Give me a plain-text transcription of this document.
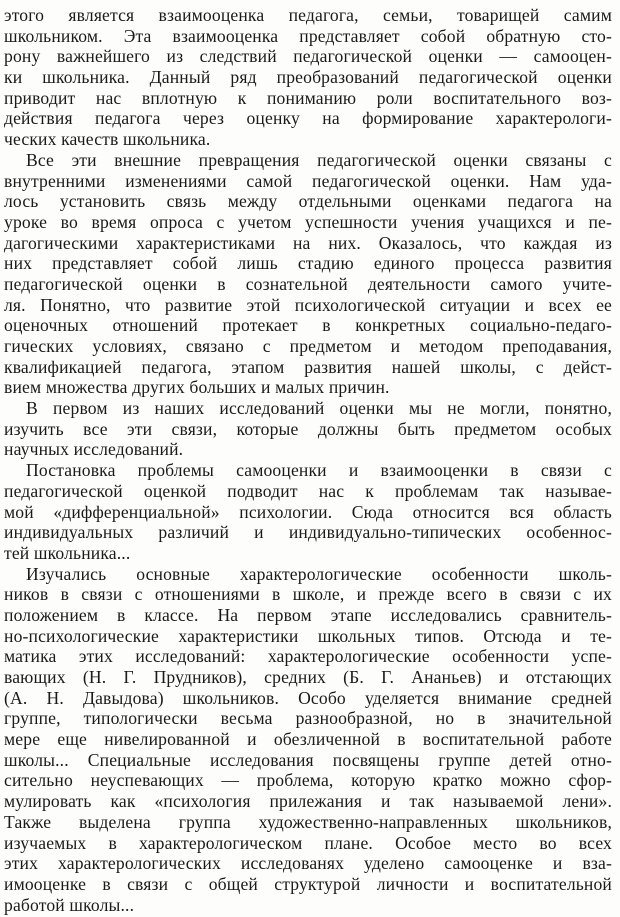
этого является взаимооценка педагога, семьи, товарищей самим
школьником. Эта взаимооценка представляет собой обратную сто-
рону важнейшего из следствий педагогической оценки — самооцен-
ки школьника. Данный ряд преобразований педагогической оценки
приводит нас вплотную к пониманию роли воспитательного воз-
действия педагога через оценку на формирование характерологи-
ческих качеств школьника.
Все эти внешние превращения педагогической оценки связаны с
внутренними изменениями самой педагогической оценки. Нам уда-
лось установить связь между отдельными оценками педагога на
уроке во время опроса с учетом успешности учения учащихся и пе-
дагогическими характеристиками на них. Оказалось, что каждая из
них представляет собой лишь стадию единого процесса развития
педагогической оценки в сознательной деятельности самого учите-
ля. Понятно, что развитие этой психологической ситуации и всех ее
оценочных отношений протекает в конкретных социально-педаго-
гических условиях, связано с предметом и методом преподавания,
квалификацией педагога, этапом развития нашей школы, с дейст-
вием множества других больших и малых причин.
В первом из наших исследований оценки мы не могли, понятно,
изучить все эти связи, которые должны быть предметом особых
научных исследований.
Постановка проблемы самооценки и взаимооценки в связи с
педагогической оценкой подводит нас к проблемам так называе-
мой «дифференциальной» психологии. Сюда относится вся область
индивидуальных различий и индивидуально-типических особеннос-
тей школьника...
Изучались основные характерологические особенности школь-
ников в связи с отношениями в школе, и прежде всего в связи с их
положением в классе. На первом этапе исследовались сравнитель-
но-психологические характеристики школьных типов. Отсюда и те-
матика этих исследований: характерологические особенности успе-
вающих (Н. Г. Прудников), средних (Б. Г. Ананьев) и отстающих
(А. Н. Давыдова) школьников. Особо уделяется внимание средней
группе, типологически весьма разнообразной, но в значительной
мере еще нивелированной и обезличенной в воспитательной работе
школы... Специальные исследования посвящены группе детей отно-
сительно неуспевающих — проблема, которую кратко можно сфор-
мулировать как «психология прилежания и так называемой лени».
Также выделена группа художественно-направленных школьников,
изучаемых в характерологическом плане. Особое место во всех
этих характерологических исследованях уделено самооценке и вза-
имооценке в связи с общей структурой личности и воспитательной
работой школы...
